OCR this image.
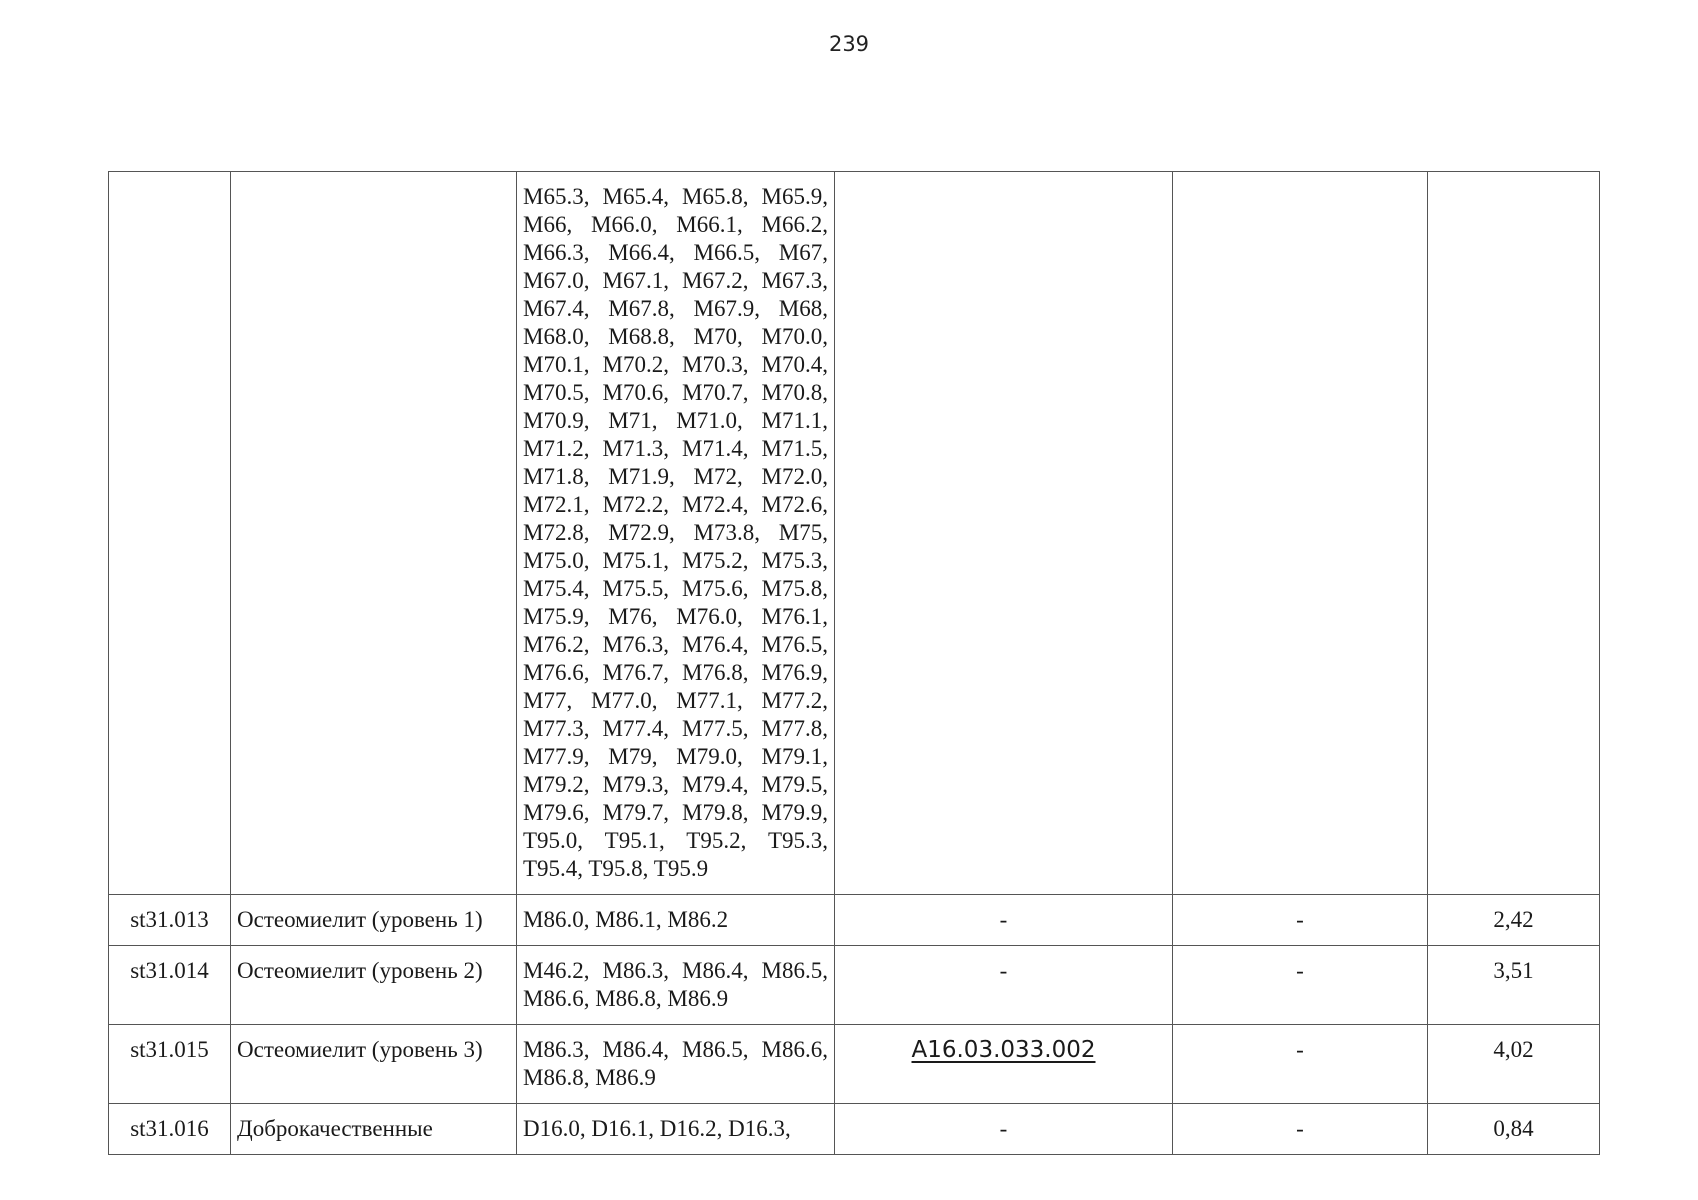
239
		M65.3, M65.4, M65.8, M65.9, M66, M66.0, M66.1, M66.2, M66.3, M66.4, M66.5, M67, M67.0, M67.1, M67.2, M67.3, M67.4, M67.8, M67.9, M68, M68.0, M68.8, M70, M70.0, M70.1, M70.2, M70.3, M70.4, M70.5, M70.6, M70.7, M70.8, M70.9, M71, M71.0, M71.1, M71.2, M71.3, M71.4, M71.5, M71.8, M71.9, M72, M72.0, M72.1, M72.2, M72.4, M72.6, M72.8, M72.9, M73.8, M75, M75.0, M75.1, M75.2, M75.3, M75.4, M75.5, M75.6, M75.8, M75.9, M76, M76.0, M76.1, M76.2, M76.3, M76.4, M76.5, M76.6, M76.7, M76.8, M76.9, M77, M77.0, M77.1, M77.2, M77.3, M77.4, M77.5, M77.8, M77.9, M79, M79.0, M79.1, M79.2, M79.3, M79.4, M79.5, M79.6, M79.7, M79.8, M79.9, T95.0, T95.1, T95.2, T95.3, T95.4, T95.8, T95.9			
st31.013	Остеомиелит (уровень 1)	M86.0, M86.1, M86.2	-	-	2,42
st31.014	Остеомиелит (уровень 2)	M46.2, M86.3, M86.4, M86.5, M86.6, M86.8, M86.9	-	-	3,51
st31.015	Остеомиелит (уровень 3)	M86.3, M86.4, M86.5, M86.6, M86.8, M86.9	A16.03.033.002	-	4,02
st31.016	Доброкачественные	D16.0, D16.1, D16.2, D16.3,	-	-	0,84
